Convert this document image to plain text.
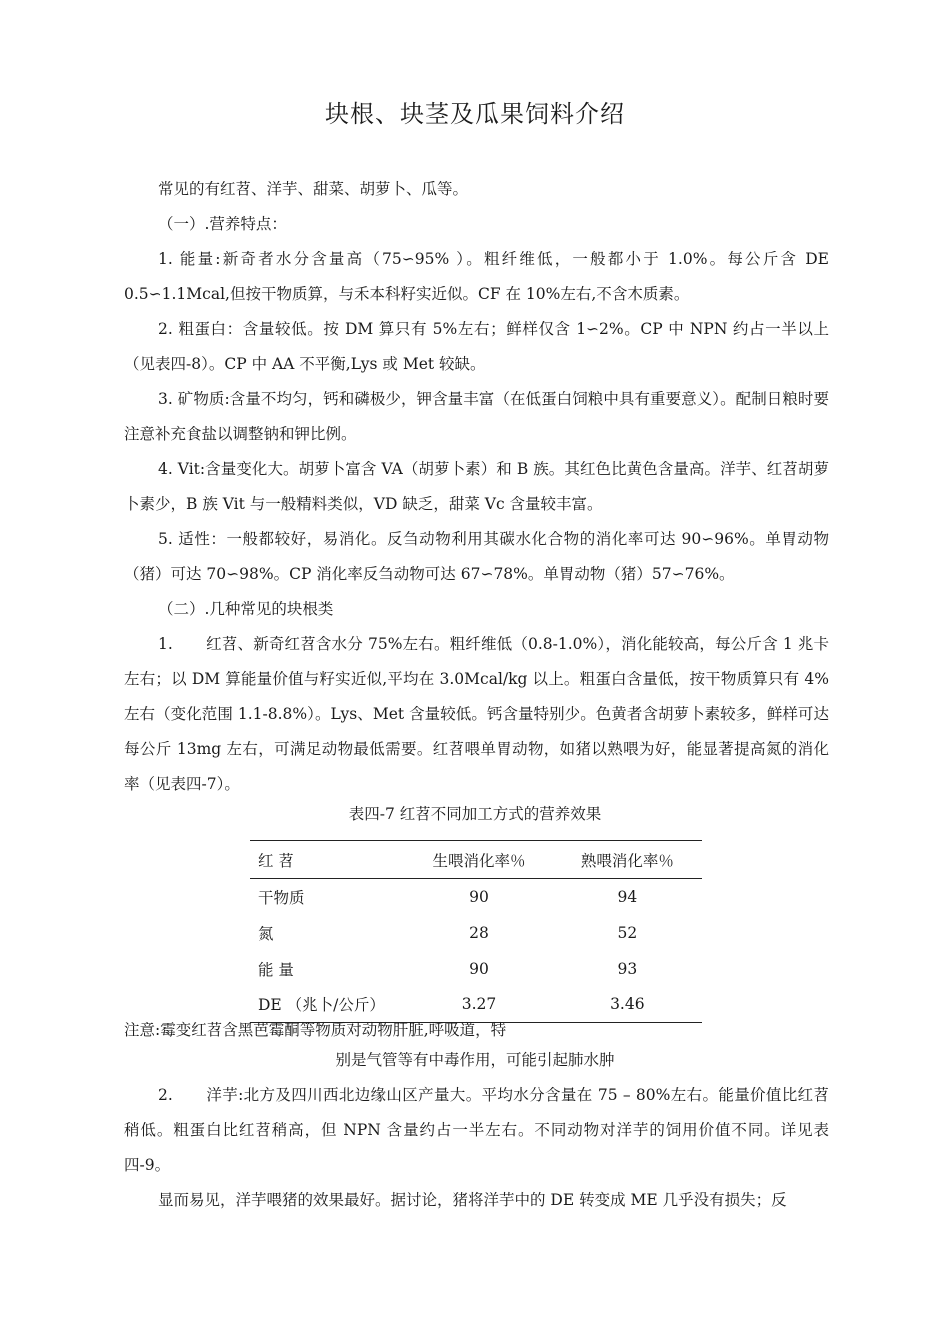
块根、块茎及瓜果饲料介绍

常见的有红苕、洋芋、甜菜、胡萝卜、瓜等。

（一）.营养特点：

1. 能量:新奇者水分含量高（75∽95% ）。粗纤维低，一般都小于 1.0%。每公斤含 DE 0.5∽1.1Mcal,但按干物质算，与禾本科籽实近似。CF 在 10%左右,不含木质素。

2. 粗蛋白：含量较低。按 DM 算只有 5%左右；鲜样仅含 1∽2%。CP 中 NPN 约占一半以上（见表四-8）。CP 中 AA 不平衡,Lys 或 Met 较缺。

3. 矿物质:含量不均匀，钙和磷极少，钾含量丰富（在低蛋白饲粮中具有重要意义）。配制日粮时要注意补充食盐以调整钠和钾比例。

4. Vit:含量变化大。胡萝卜富含 VA（胡萝卜素）和 B 族。其红色比黄色含量高。洋芋、红苕胡萝卜素少，B 族 Vit 与一般精料类似，VD 缺乏，甜菜 Vc 含量较丰富。

5. 适性：一般都较好，易消化。反刍动物利用其碳水化合物的消化率可达 90∽96%。单胃动物（猪）可达 70∽98%。CP 消化率反刍动物可达 67∽78%。单胃动物（猪）57∽76%。

（二）.几种常见的块根类

1. 红苕、新奇红苕含水分 75%左右。粗纤维低（0.8-1.0%），消化能较高，每公斤含 1 兆卡左右；以 DM 算能量价值与籽实近似,平均在 3.0Mcal/kg 以上。粗蛋白含量低，按干物质算只有 4%左右（变化范围 1.1-8.8%）。Lys、Met 含量较低。钙含量特别少。色黄者含胡萝卜素较多，鲜样可达每公斤 13mg 左右，可满足动物最低需要。红苕喂单胃动物，如猪以熟喂为好，能显著提高氮的消化率（见表四-7）。

表四-7 红苕不同加工方式的营养效果
红 苕	生喂消化率％	熟喂消化率％
干物质	90	94
氮	28	52
能 量	90	93
DE （兆卜/公斤）	3.27	3.46
注意:霉变红苕含黑芭霉酮等物质对动物肝脏,呼吸道，特
别是气管等有中毒作用，可能引起肺水肿

2. 洋芋:北方及四川西北边缘山区产量大。平均水分含量在 75 – 80%左右。能量价值比红苕稍低。粗蛋白比红苕稍高，但 NPN 含量约占一半左右。不同动物对洋芋的饲用价值不同。详见表四-9。

显而易见，洋芋喂猪的效果最好。据讨论，猪将洋芋中的 DE 转变成 ME 几乎没有损失；反
